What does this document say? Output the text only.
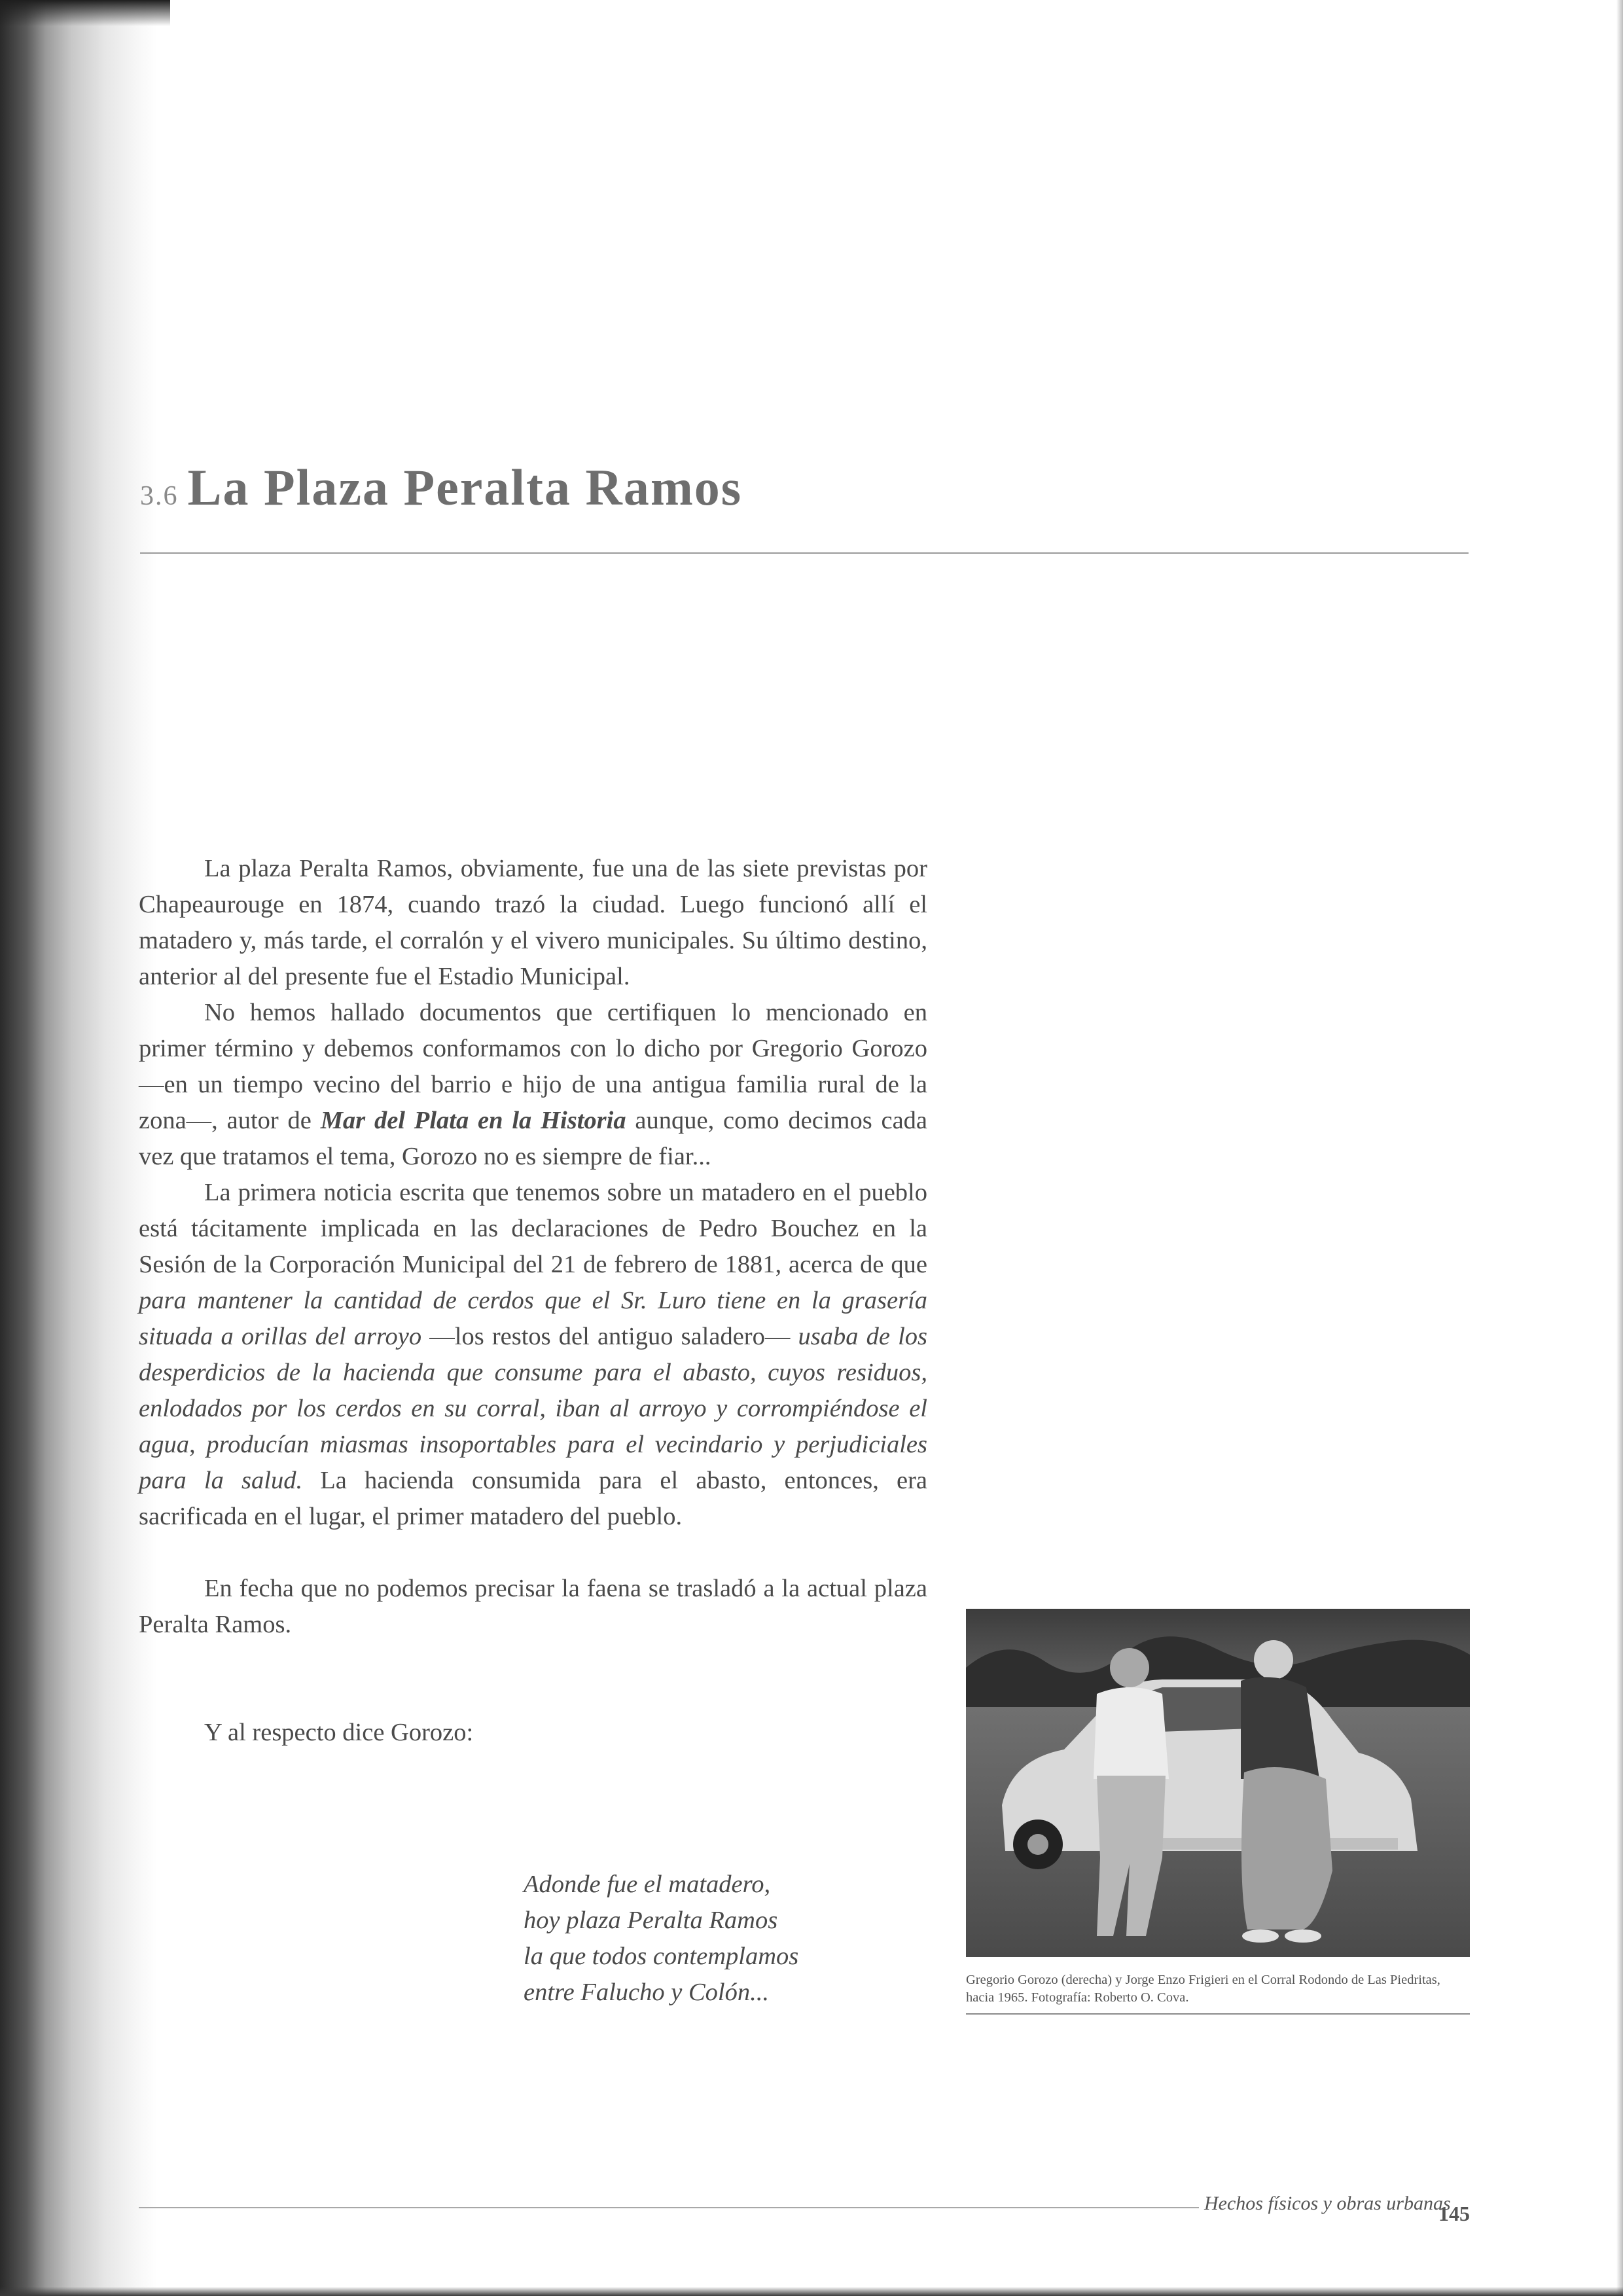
3.6 La Plaza Peralta Ramos

La plaza Peralta Ramos, obviamente, fue una de las siete previstas por Chapeaurouge en 1874, cuando trazó la ciudad. Luego funcionó allí el matadero y, más tarde, el corralón y el vivero municipales. Su último destino, anterior al del presente fue el Estadio Municipal.

No hemos hallado documentos que certifiquen lo mencionado en primer término y debemos conformamos con lo dicho por Gregorio Gorozo —en un tiempo vecino del barrio e hijo de una antigua familia rural de la zona—, autor de Mar del Plata en la Historia aunque, como decimos cada vez que tratamos el tema, Gorozo no es siempre de fiar...

La primera noticia escrita que tenemos sobre un matadero en el pueblo está tácitamente implicada en las declaraciones de Pedro Bouchez en la Sesión de la Corporación Municipal del 21 de febrero de 1881, acerca de que para mantener la cantidad de cerdos que el Sr. Luro tiene en la grasería situada a orillas del arroyo —los restos del antiguo saladero— usaba de los desperdicios de la hacienda que consume para el abasto, cuyos residuos, enlodados por los cerdos en su corral, iban al arroyo y corrompiéndose el agua, producían miasmas insoportables para el vecindario y perjudiciales para la salud. La hacienda consumida para el abasto, entonces, era sacrificada en el lugar, el primer matadero del pueblo.

En fecha que no podemos precisar la faena se trasladó a la actual plaza Peralta Ramos.

Y al respecto dice Gorozo:

Adonde fue el matadero,
hoy plaza Peralta Ramos
la que todos contemplamos
entre Falucho y Colón...	Gregorio Gorozo (derecha) y Jorge Enzo Frigieri en el Corral Rodondo de Las Piedritas, hacia 1965. Fotografía: Roberto O. Cova.
Hechos físicos y obras urbanas
145
